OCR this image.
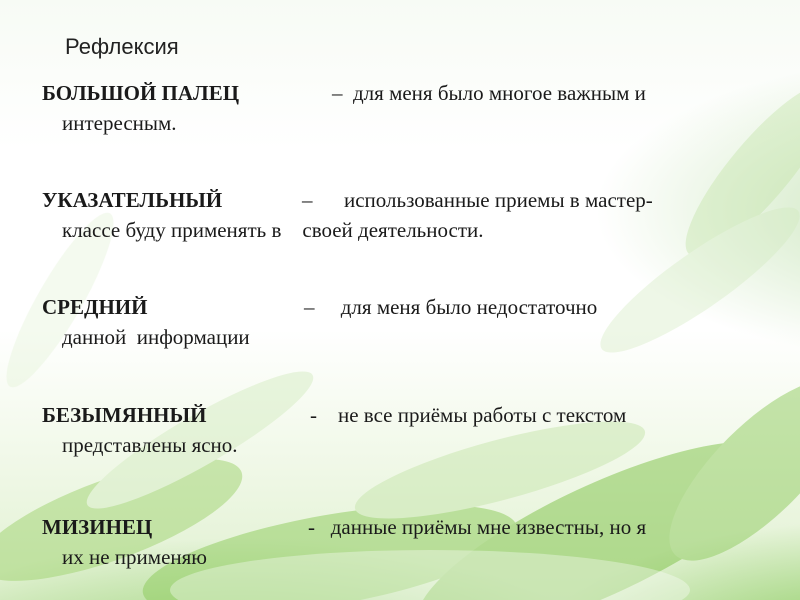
Рефлексия
БОЛЬШОЙ ПАЛЕЦ	– для меня было многое важным и
интересным.
УКАЗАТЕЛЬНЫЙ	– использованные приемы в мастер-
классе буду применять в    своей деятельности.
СРЕДНИЙ	– для меня было недостаточно
данной  информации
БЕЗЫМЯННЫЙ	- не все приёмы работы с текстом
представлены ясно.
МИЗИНЕЦ	- данные приёмы мне известны, но я
их не применяю
